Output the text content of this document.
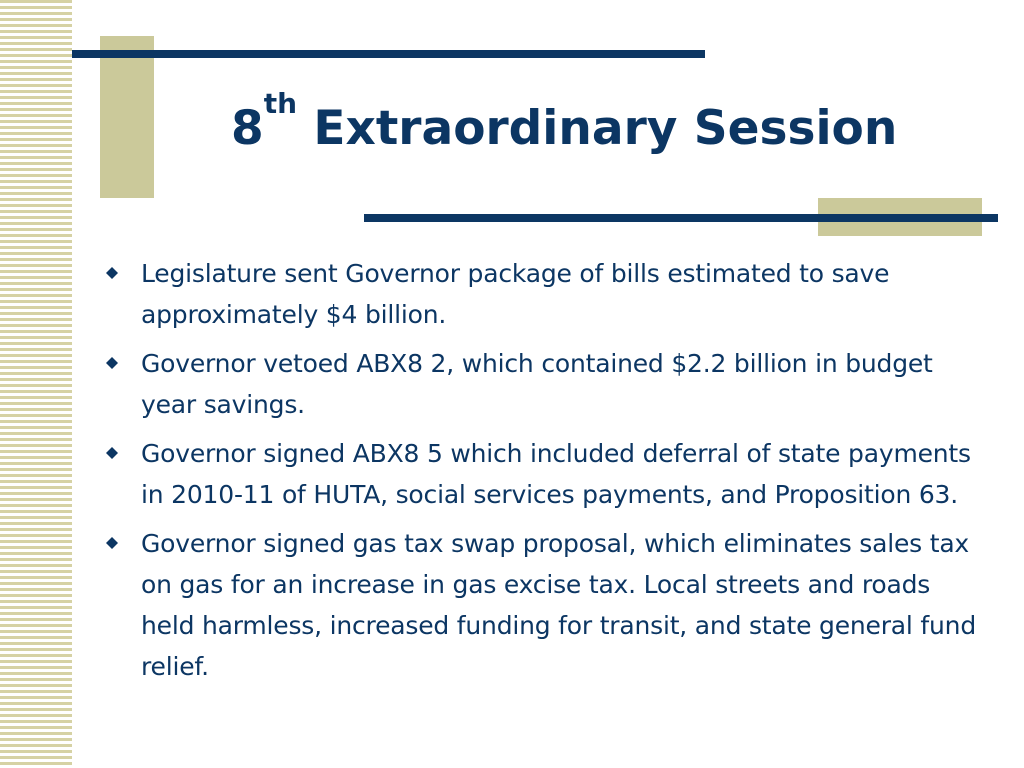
8th Extraordinary Session
Legislature sent Governor package of bills estimated to save approximately $4 billion.
Governor vetoed ABX8 2, which contained $2.2 billion in budget year savings.
Governor signed ABX8 5 which included deferral of state payments in 2010-11 of HUTA, social services payments, and Proposition 63.
Governor signed gas tax swap proposal, which eliminates sales tax on gas for an increase in gas excise tax. Local streets and roads held harmless, increased funding for transit, and state general fund relief.
